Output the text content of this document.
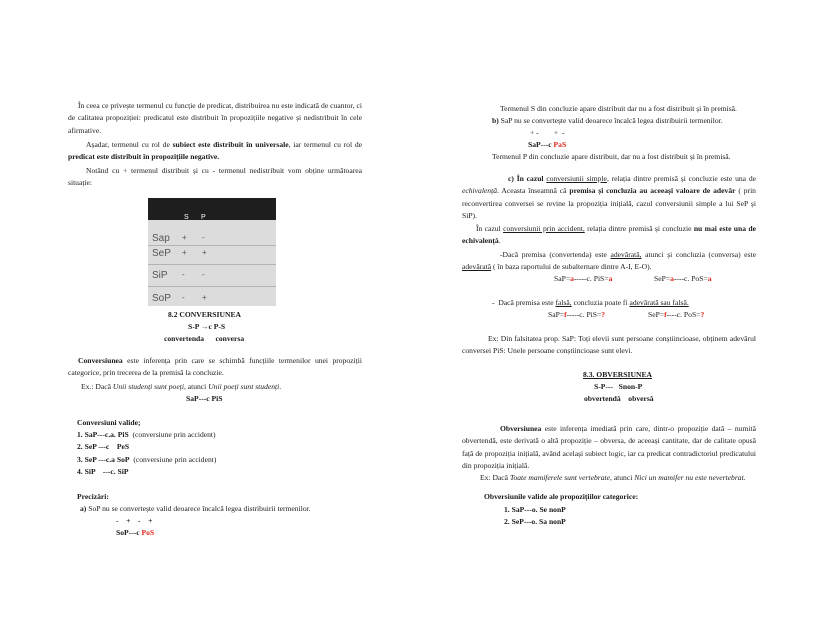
În ceea ce privește termenul cu funcție de predicat, distribuirea nu este indicată de cuantor, ci de calitatea propoziției: predicatul este distribuit în propozițiile negative și nedistribuit în cele afirmative.

Așadar, termenul cu rol de subiect este distribuit în universale, iar termenul cu rol de predicat este distribuit în propozițiile negative.

Notând cu + termenul distribuit și cu - termenul nedistribuit vom obține următoarea situație:

S P
Sap + -
SeP + +
SiP - -
SoP - +
8.2 CONVERSIUNEA
S-P →c P-S
convertenda      conversa

Conversiunea este inferența prin care se schimbă funcțiile termenilor unei propoziții categorice, prin trecerea de la premisă la concluzie.

Ex.: Dacă Unii studenți sunt poeți, atunci Unii poeți sunt studenți.

SaP---c PiS
Conversiuni valide;
1. SaP---c.a. PiS  (conversiune prin accident)
2. SeP ---c    PeS
3. SeP ---c.a SoP  (conversiune prin accident)
4. SiP    ---c. SiP
Precizări:
a) SoP nu se convertește valid deoarece încalcă legea distribuirii termenilor.
-    +    -    +
SoP---c PoS

Termenul S din concluzie apare distribuit dar nu a fost distribuit și în premisă.

b) SaP nu se convertește valid deoarece încalcă legea distribuirii termenilor.
+ -        +  -
SaP---c PaS

Termenul P din concluzie apare distribuit, dar nu a fost distribuit și în premisă.

c) În cazul conversiunii simple, relația dintre premisă și concluzie este una de echivalență. Aceasta înseamnă că premisa și concluzia au aceeași valoare de adevăr ( prin reconvertirea conversei se revine la propoziția inițială, cazul conversiunii simple a lui SeP și SiP).

În cazul conversiunii prin accident, relația dintre premisă și concluzie nu mai este una de echivalență.

-Dacă premisa (convertenda) este adevărată, atunci și concluzia (conversa) este adevărată ( în baza raportului de subalternare dintre A-I, E-O).

SaP=a-----c. PiS=a	SeP=a----c. PoS=a
-  Dacă premisa este falsă, concluzia poate fi adevărată sau falsă.
SaP=f-----c. PiS=?	SeP=f----c. PoS=?

Ex: Din falsitatea prop. SaP: Toți elevii sunt persoane conștiincioase, obținem adevărul conversei PiS: Unele persoane conștiincioase sunt elevi.

8.3. OBVERSIUNEA
S-P---   Snon-P
obvertendă    obversă

Obversiunea este inferența imediată prin care, dintr-o propoziție dată – numită obvertendă, este derivată o altă propoziție – obversa, de aceeași cantitate, dar de calitate opusă față de propoziția inițială, având același subiect logic, iar ca predicat contradictoriul predicatului din propoziția inițială.

Ex: Dacă Toate mamiferele sunt vertebrate, atunci Nici un mamifer nu este nevertebrat.
Obversiunile valide ale propozițiilor categorice:
1. SaP---o. Se nonP
2. SeP---o. Sa nonP
